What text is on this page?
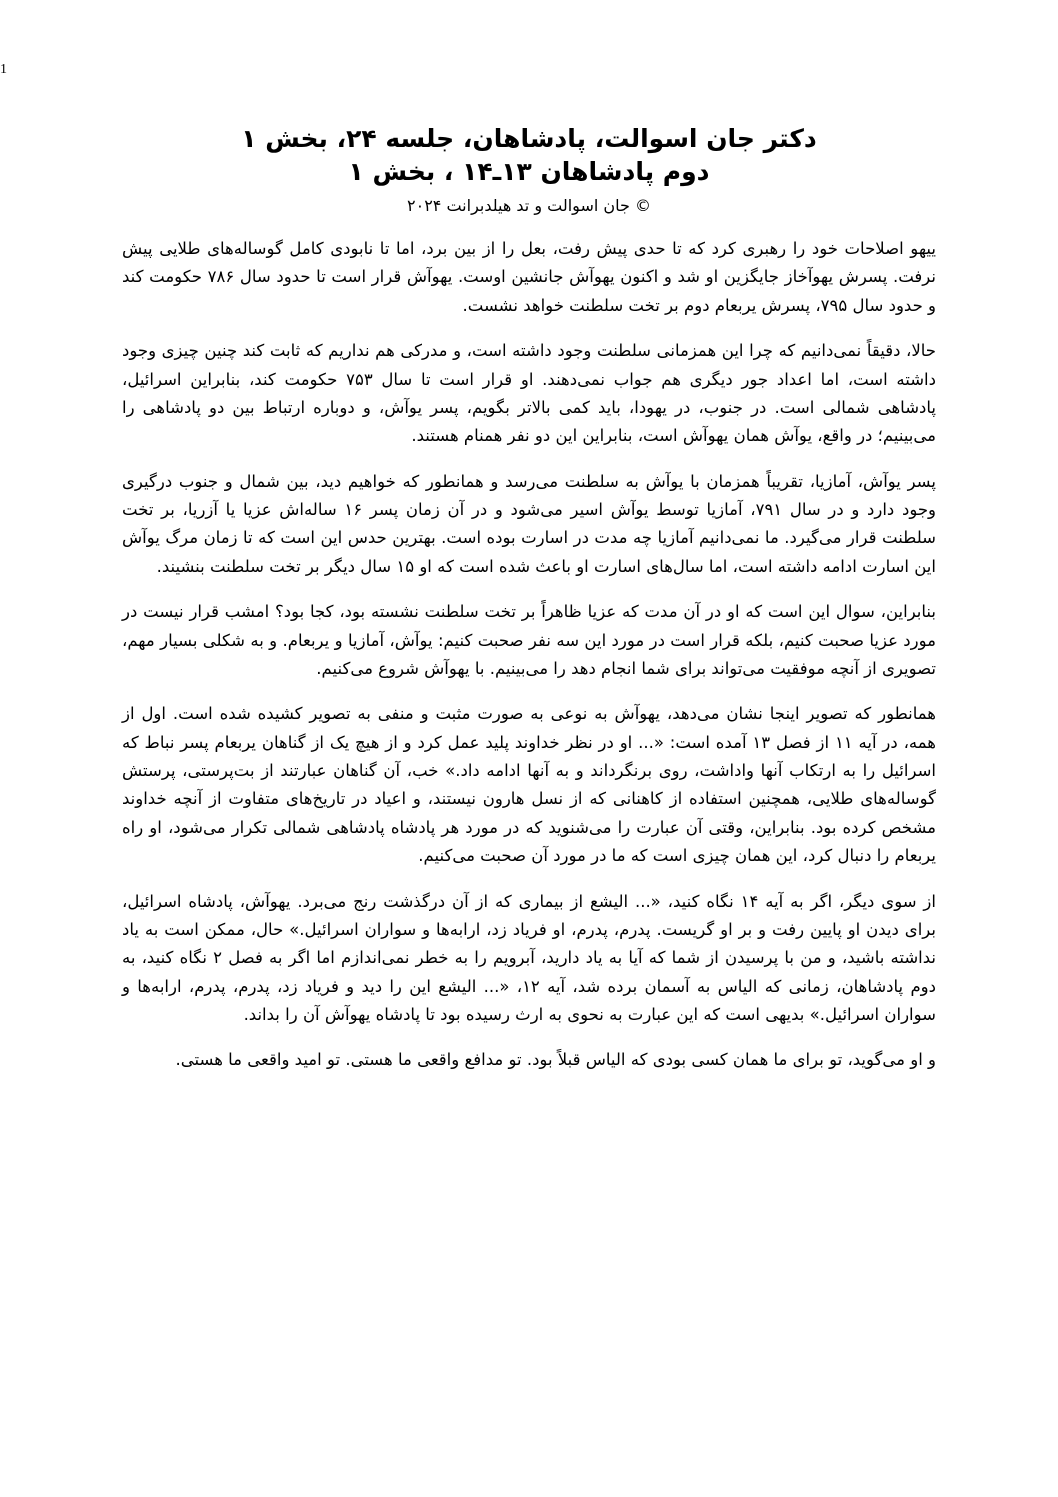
1
دکتر جان اسوالت، پادشاهان، جلسه ۲۴، بخش ۱
دوم پادشاهان ۱۳ـ۱۴ ، بخش ۱
© جان اسوالت و تد هیلدبرانت ۲۰۲۴

ییهو اصلاحات خود را رهبری کرد که تا حدی پیش رفت، بعل را از بین برد، اما تا نابودی کامل گوساله‌های طلایی پیش نرفت. پسرش یهوآخاز جایگزین او شد و اکنون یهوآش جانشین اوست. یهوآش قرار است تا حدود سال ۷۸۶ حکومت کند و حدود سال ۷۹۵، پسرش یربعام دوم بر تخت سلطنت خواهد نشست.

حالا، دقیقاً نمی‌دانیم که چرا این همزمانی سلطنت وجود داشته است، و مدرکی هم نداریم که ثابت کند چنین چیزی وجود داشته است، اما اعداد جور دیگری هم جواب نمی‌دهند. او قرار است تا سال ۷۵۳ حکومت کند، بنابراین اسرائیل، پادشاهی شمالی است. در جنوب، در یهودا، باید کمی بالاتر بگویم، پسر یوآش، و دوباره ارتباط بین دو پادشاهی را می‌بینیم؛ در واقع، یوآش همان یهوآش است، بنابراین این دو نفر همنام هستند.

پسر یوآش، آمازیا، تقریباً همزمان با یوآش به سلطنت می‌رسد و همانطور که خواهیم دید، بین شمال و جنوب درگیری وجود دارد و در سال ۷۹۱، آمازیا توسط یوآش اسیر می‌شود و در آن زمان پسر ۱۶ ساله‌اش عزیا یا آزریا، بر تخت سلطنت قرار می‌گیرد. ما نمی‌دانیم آمازیا چه مدت در اسارت بوده است. بهترین حدس این است که تا زمان مرگ یوآش این اسارت ادامه داشته است، اما سال‌های اسارت او باعث شده است که او ۱۵ سال دیگر بر تخت سلطنت بنشیند.

بنابراین، سوال این است که او در آن مدت که عزیا ظاهراً بر تخت سلطنت نشسته بود، کجا بود؟ امشب قرار نیست در مورد عزیا صحبت کنیم، بلکه قرار است در مورد این سه نفر صحبت کنیم: یوآش، آمازیا و یربعام. و به شکلی بسیار مهم، تصویری از آنچه موفقیت می‌تواند برای شما انجام دهد را می‌بینیم. با یهوآش شروع می‌کنیم.

همانطور که تصویر اینجا نشان می‌دهد، یهوآش به نوعی به صورت مثبت و منفی به تصویر کشیده شده است. اول از همه، در آیه ۱۱ از فصل ۱۳ آمده است: «... او در نظر خداوند پلید عمل کرد و از هیچ یک از گناهان یربعام پسر نباط که اسرائیل را به ارتکاب آنها واداشت، روی برنگرداند و به آنها ادامه داد.» خب، آن گناهان عبارتند از بت‌پرستی، پرستش گوساله‌های طلایی، همچنین استفاده از کاهنانی که از نسل هارون نیستند، و اعیاد در تاریخ‌های متفاوت از آنچه خداوند مشخص کرده بود. بنابراین، وقتی آن عبارت را می‌شنوید که در مورد هر پادشاه پادشاهی شمالی تکرار می‌شود، او راه یربعام را دنبال کرد، این همان چیزی است که ما در مورد آن صحبت می‌کنیم.

از سوی دیگر، اگر به آیه ۱۴ نگاه کنید، «... الیشع از بیماری که از آن درگذشت رنج می‌برد. یهوآش، پادشاه اسرائیل، برای دیدن او پایین رفت و بر او گریست. پدرم، پدرم، او فریاد زد، ارابه‌ها و سواران اسرائیل.» حال، ممکن است به یاد نداشته باشید، و من با پرسیدن از شما که آیا به یاد دارید، آبرویم را به خطر نمی‌اندازم اما اگر به فصل ۲ نگاه کنید، به دوم پادشاهان، زمانی که الیاس به آسمان برده شد، آیه ۱۲، «... الیشع این را دید و فریاد زد، پدرم، پدرم، ارابه‌ها و سواران اسرائیل.» بدیهی است که این عبارت به نحوی به ارث رسیده بود تا پادشاه یهوآش آن را بداند.

و او می‌گوید، تو برای ما همان کسی بودی که الیاس قبلاً بود. تو مدافع واقعی ما هستی. تو امید واقعی ما هستی.
